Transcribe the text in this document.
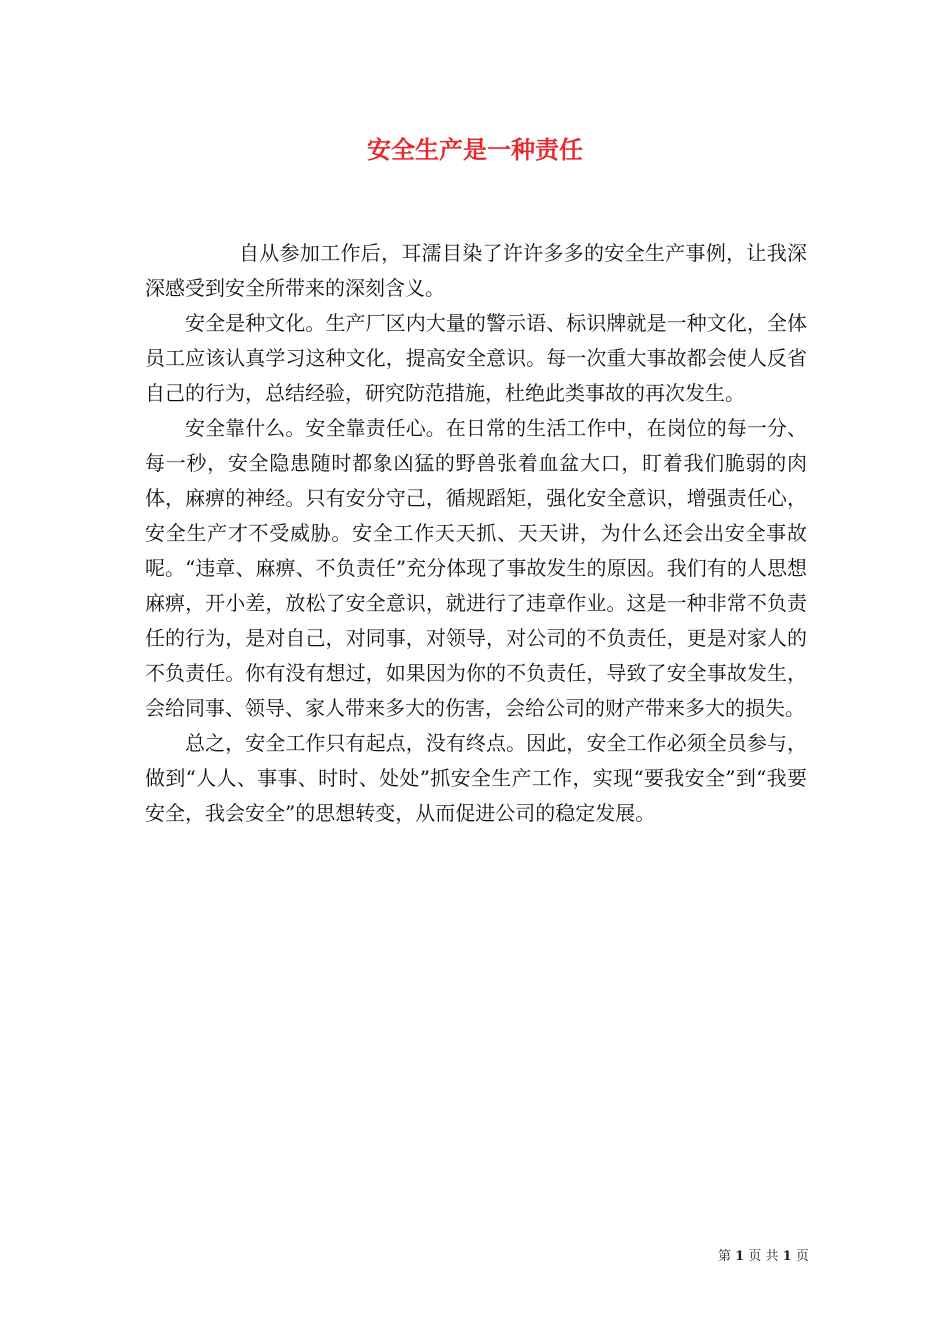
安全生产是一种责任

自从参加工作后，耳濡目染了许许多多的安全生产事例，让我深深感受到安全所带来的深刻含义。

安全是种文化。生产厂区内大量的警示语、标识牌就是一种文化，全体员工应该认真学习这种文化，提高安全意识。每一次重大事故都会使人反省自己的行为，总结经验，研究防范措施，杜绝此类事故的再次发生。

安全靠什么。安全靠责任心。在日常的生活工作中，在岗位的每一分、每一秒，安全隐患随时都象凶猛的野兽张着血盆大口，盯着我们脆弱的肉体，麻痹的神经。只有安分守己，循规蹈矩，强化安全意识，增强责任心，安全生产才不受威胁。安全工作天天抓、天天讲，为什么还会出安全事故呢。“违章、麻痹、不负责任”充分体现了事故发生的原因。我们有的人思想麻痹，开小差，放松了安全意识，就进行了违章作业。这是一种非常不负责任的行为，是对自己，对同事，对领导，对公司的不负责任，更是对家人的不负责任。你有没有想过，如果因为你的不负责任，导致了安全事故发生，会给同事、领导、家人带来多大的伤害，会给公司的财产带来多大的损失。

总之，安全工作只有起点，没有终点。因此，安全工作必须全员参与，做到“人人、事事、时时、处处”抓安全生产工作，实现“要我安全”到“我要安全，我会安全”的思想转变，从而促进公司的稳定发展。

第 1 页 共 1 页
